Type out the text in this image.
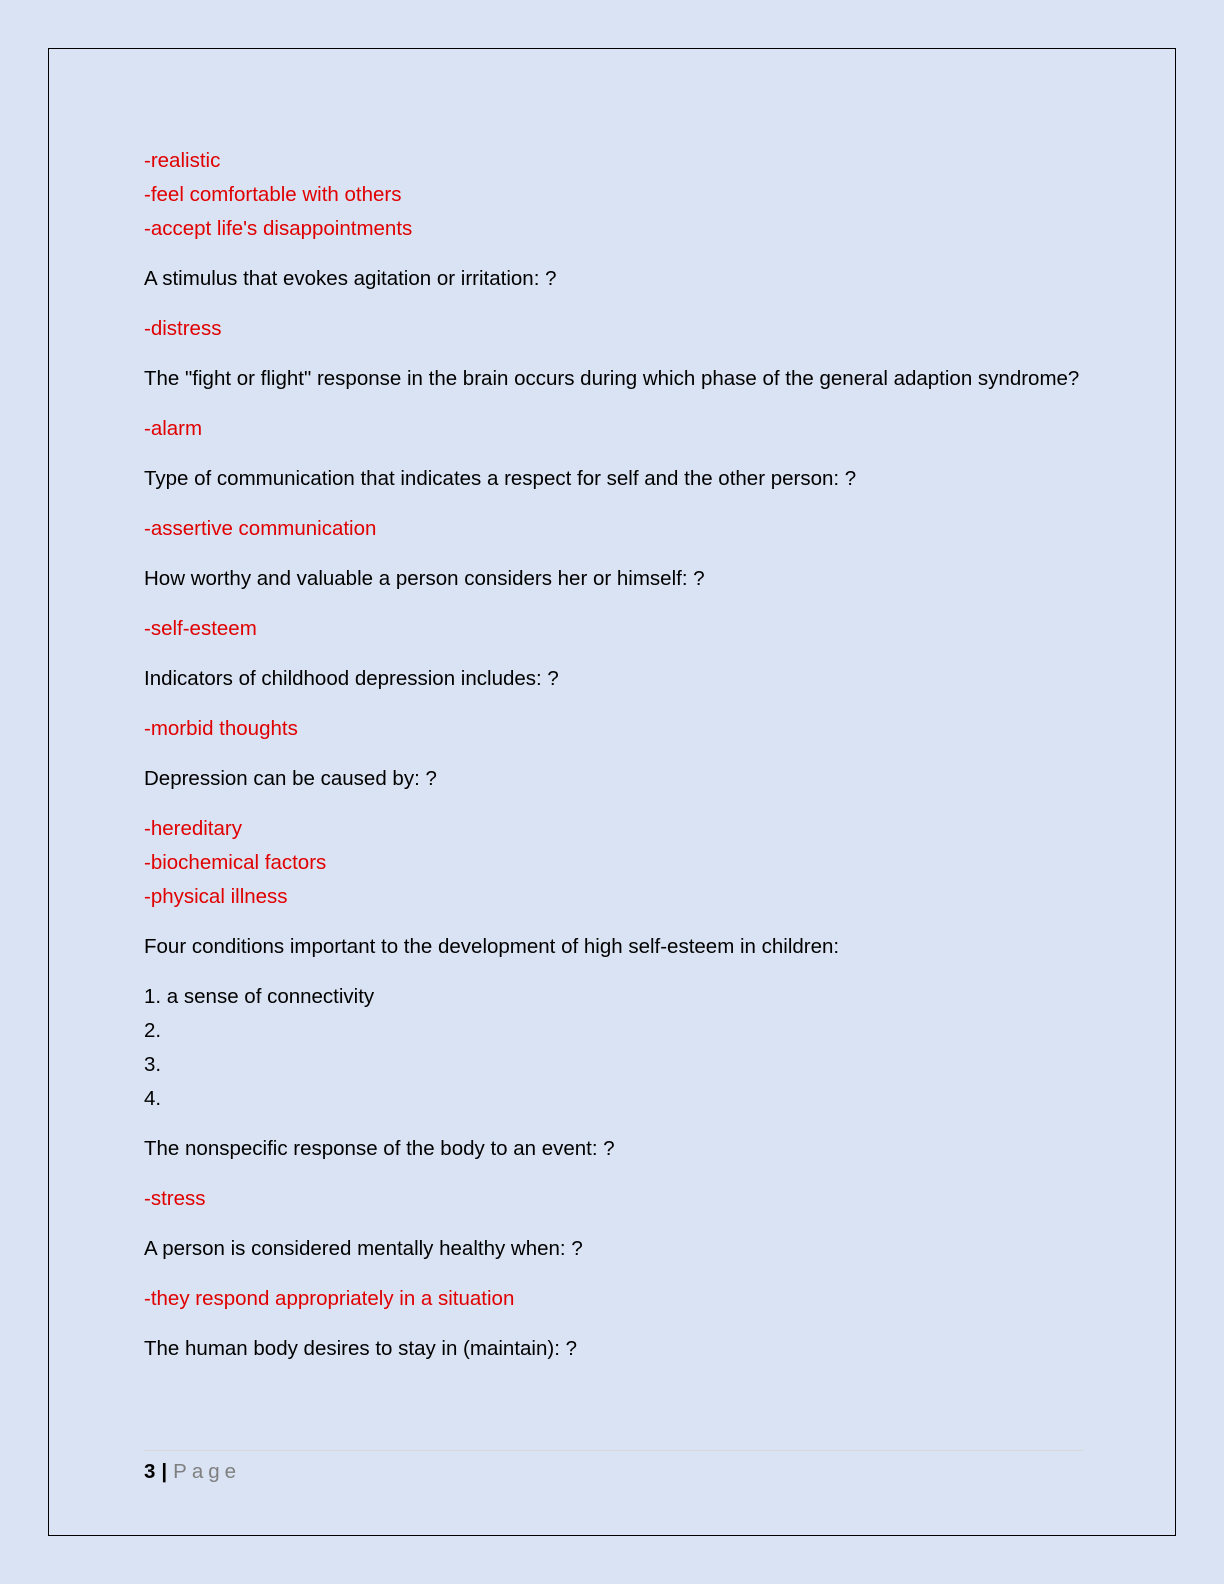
-realistic
-feel comfortable with others
-accept life's disappointments
A stimulus that evokes agitation or irritation: ?
-distress
The "fight or flight" response in the brain occurs during which phase of the general adaption syndrome?
-alarm
Type of communication that indicates a respect for self and the other person: ?
-assertive communication
How worthy and valuable a person considers her or himself: ?
-self-esteem
Indicators of childhood depression includes: ?
-morbid thoughts
Depression can be caused by: ?
-hereditary
-biochemical factors
-physical illness
Four conditions important to the development of high self-esteem in children:
1. a sense of connectivity
2.
3.
4.
The nonspecific response of the body to an event: ?
-stress
A person is considered mentally healthy when: ?
-they respond appropriately in a situation
The human body desires to stay in (maintain): ?
3 | Page
